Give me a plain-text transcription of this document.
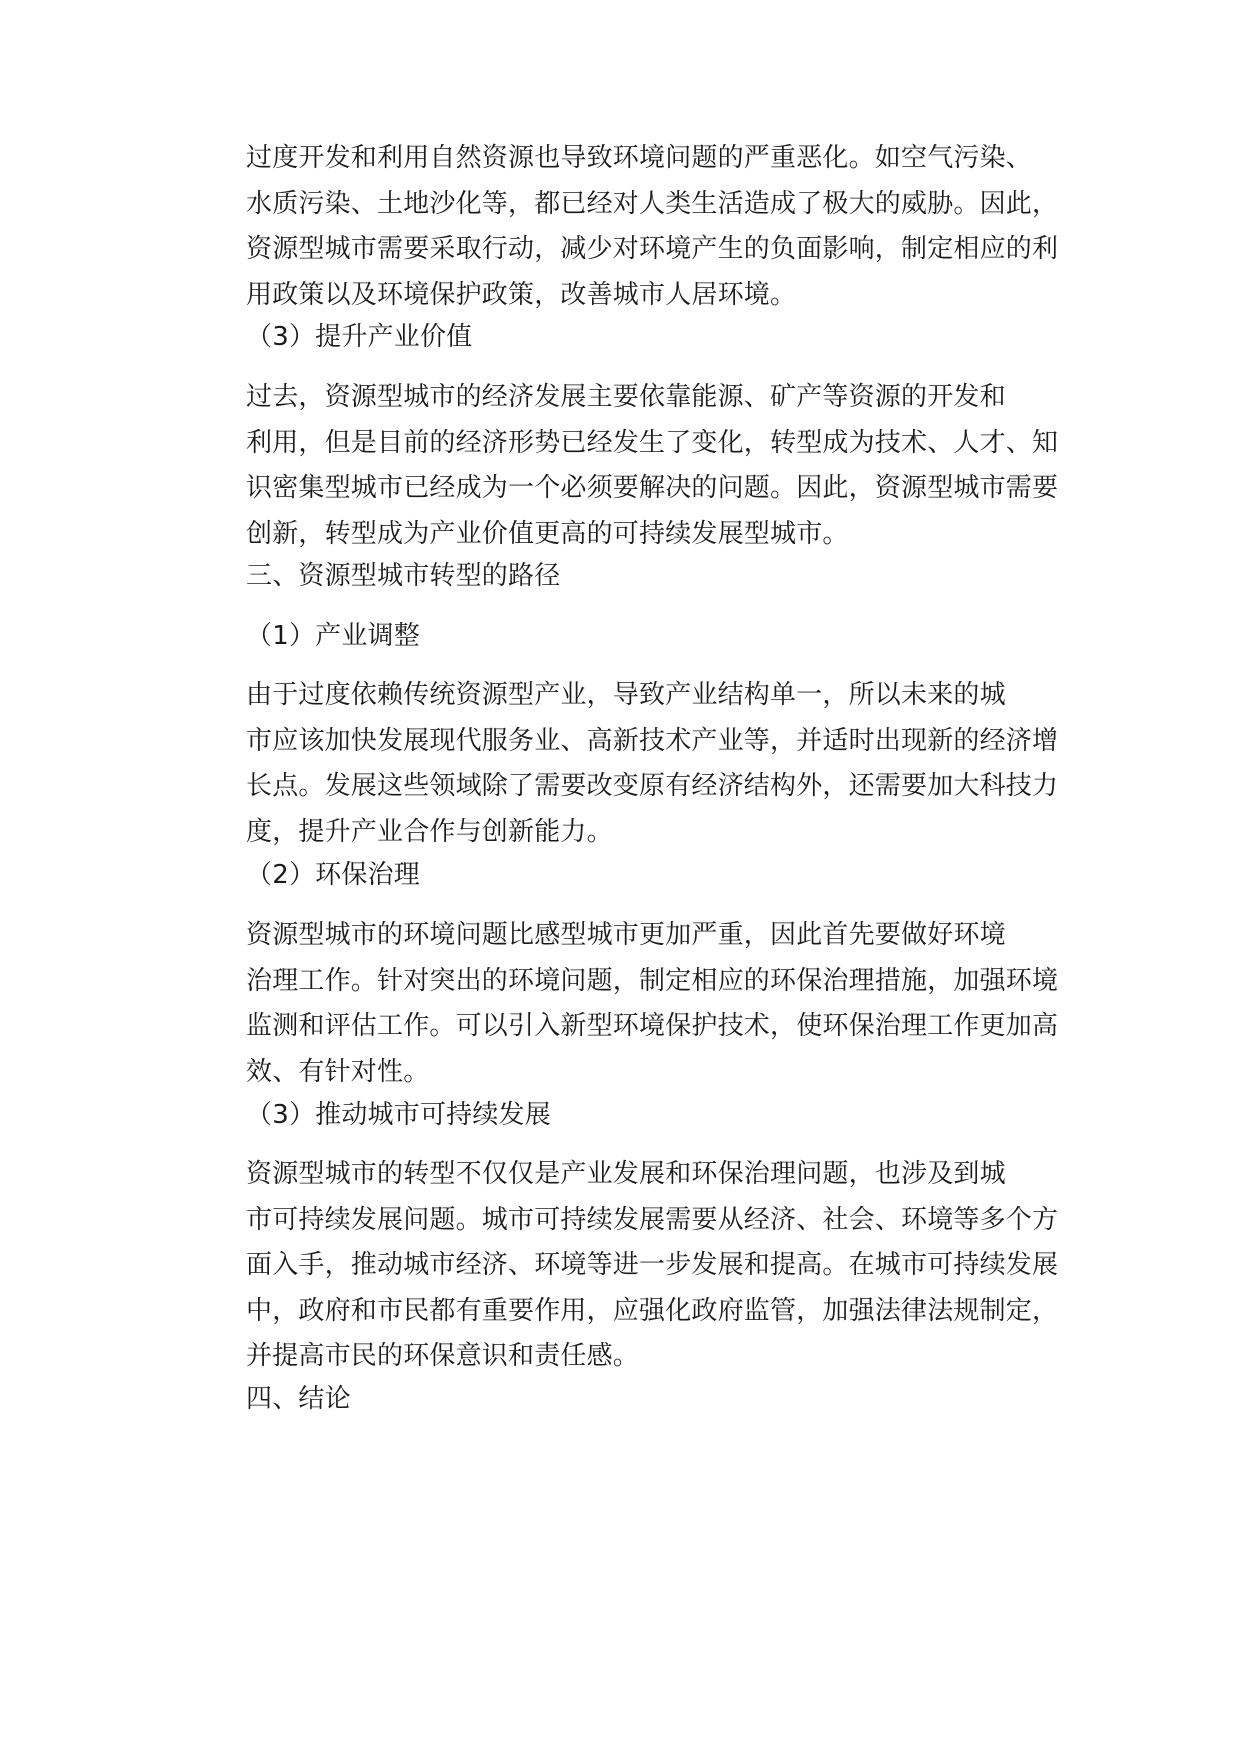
过度开发和利用自然资源也导致环境问题的严重恶化。如空气污染、
水质污染、土地沙化等，都已经对人类生活造成了极大的威胁。因此，
资源型城市需要采取行动，减少对环境产生的负面影响，制定相应的利
用政策以及环境保护政策，改善城市人居环境。
（3）提升产业价值
过去，资源型城市的经济发展主要依靠能源、矿产等资源的开发和
利用，但是目前的经济形势已经发生了变化，转型成为技术、人才、知
识密集型城市已经成为一个必须要解决的问题。因此，资源型城市需要
创新，转型成为产业价值更高的可持续发展型城市。
三、资源型城市转型的路径
（1）产业调整
由于过度依赖传统资源型产业，导致产业结构单一，所以未来的城
市应该加快发展现代服务业、高新技术产业等，并适时出现新的经济增
长点。发展这些领域除了需要改变原有经济结构外，还需要加大科技力
度，提升产业合作与创新能力。
（2）环保治理
资源型城市的环境问题比感型城市更加严重，因此首先要做好环境
治理工作。针对突出的环境问题，制定相应的环保治理措施，加强环境
监测和评估工作。可以引入新型环境保护技术，使环保治理工作更加高
效、有针对性。
（3）推动城市可持续发展
资源型城市的转型不仅仅是产业发展和环保治理问题，也涉及到城
市可持续发展问题。城市可持续发展需要从经济、社会、环境等多个方
面入手，推动城市经济、环境等进一步发展和提高。在城市可持续发展
中，政府和市民都有重要作用，应强化政府监管，加强法律法规制定，
并提高市民的环保意识和责任感。
四、结论
